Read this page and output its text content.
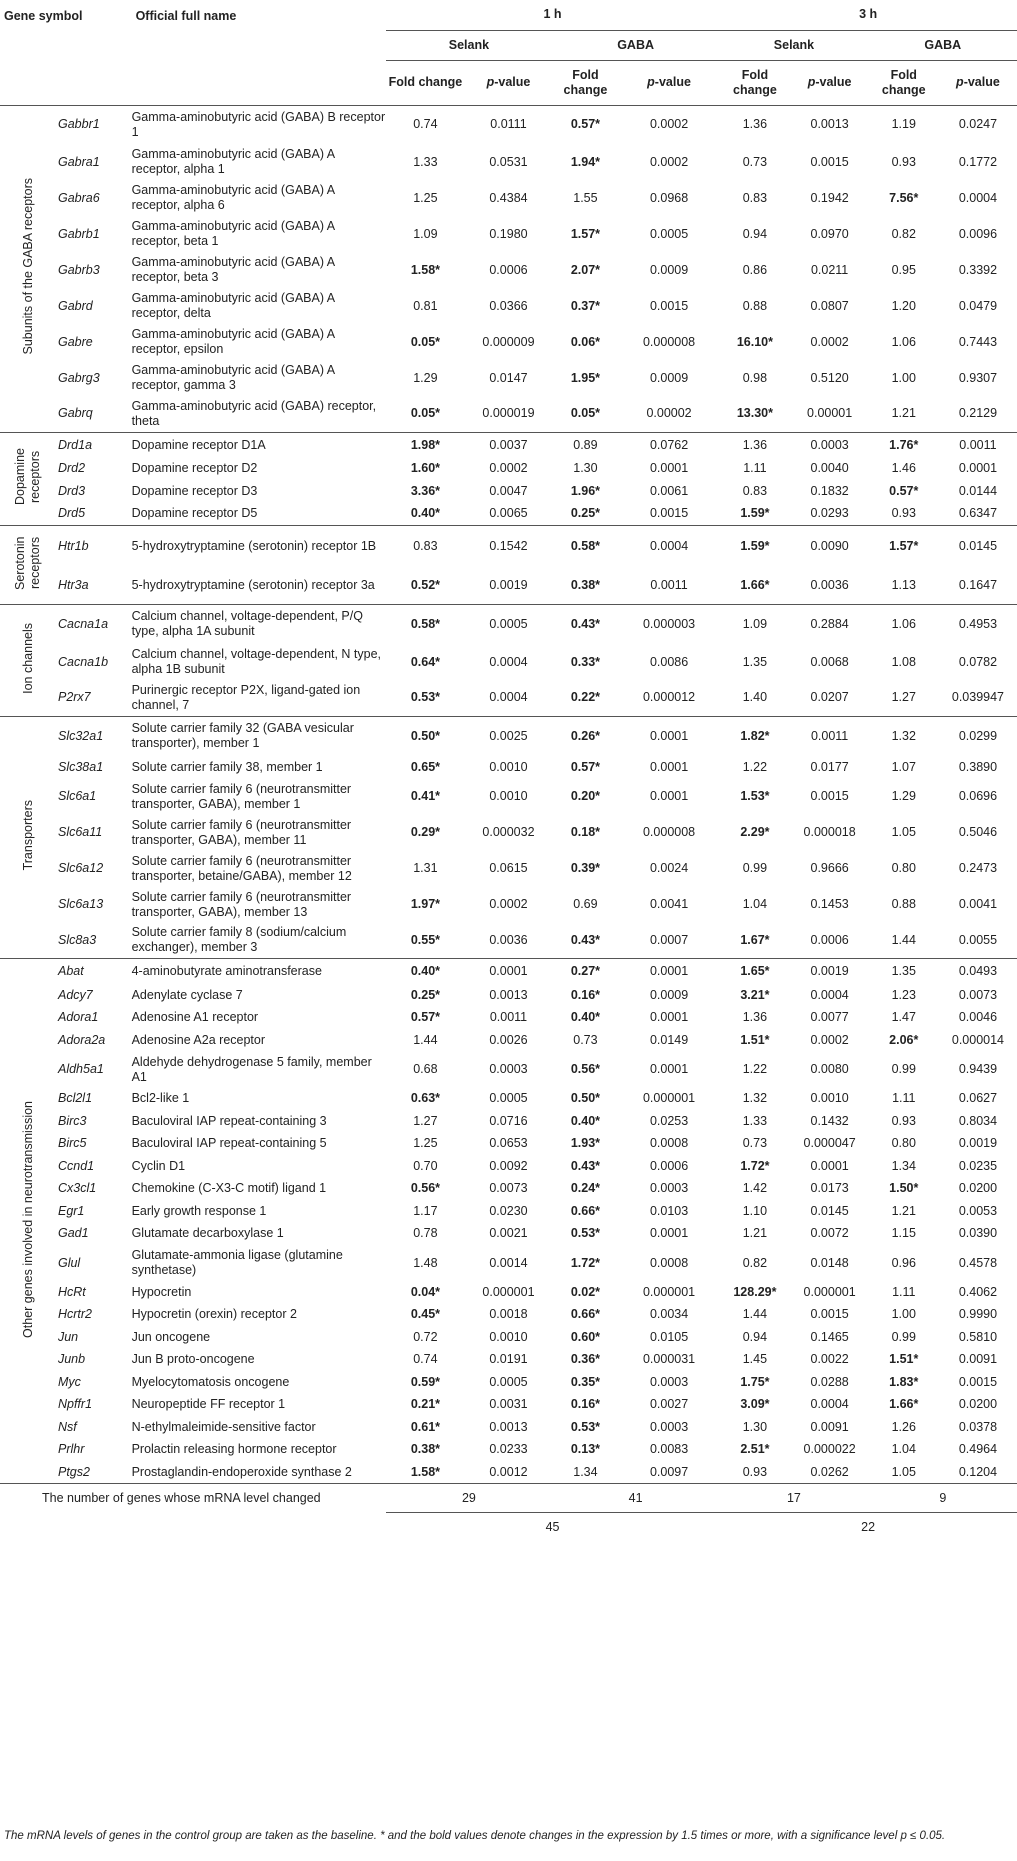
Gene symbol		Official full name	1 h				3 h			
			Selank		GABA		Selank		GABA	
			Fold change	p-value	Fold change	p-value	Fold change	p-value	Fold change	p-value
Subunits of the GABA receptors	Gabbr1	Gamma-aminobutyric acid (GABA) B receptor 1	0.74	0.0111	0.57*	0.0002	1.36	0.0013	1.19	0.0247
	Gabra1	Gamma-aminobutyric acid (GABA) A receptor, alpha 1	1.33	0.0531	1.94*	0.0002	0.73	0.0015	0.93	0.1772
	Gabra6	Gamma-aminobutyric acid (GABA) A receptor, alpha 6	1.25	0.4384	1.55	0.0968	0.83	0.1942	7.56*	0.0004
	Gabrb1	Gamma-aminobutyric acid (GABA) A receptor, beta 1	1.09	0.1980	1.57*	0.0005	0.94	0.0970	0.82	0.0096
	Gabrb3	Gamma-aminobutyric acid (GABA) A receptor, beta 3	1.58*	0.0006	2.07*	0.0009	0.86	0.0211	0.95	0.3392
	Gabrd	Gamma-aminobutyric acid (GABA) A receptor, delta	0.81	0.0366	0.37*	0.0015	0.88	0.0807	1.20	0.0479
	Gabre	Gamma-aminobutyric acid (GABA) A receptor, epsilon	0.05*	0.000009	0.06*	0.000008	16.10*	0.0002	1.06	0.7443
	Gabrg3	Gamma-aminobutyric acid (GABA) A receptor, gamma 3	1.29	0.0147	1.95*	0.0009	0.98	0.5120	1.00	0.9307
	Gabrq	Gamma-aminobutyric acid (GABA) receptor, theta	0.05*	0.000019	0.05*	0.00002	13.30*	0.00001	1.21	0.2129
Dopamine receptors	Drd1a	Dopamine receptor D1A	1.98*	0.0037	0.89	0.0762	1.36	0.0003	1.76*	0.0011
	Drd2	Dopamine receptor D2	1.60*	0.0002	1.30	0.0001	1.11	0.0040	1.46	0.0001
	Drd3	Dopamine receptor D3	3.36*	0.0047	1.96*	0.0061	0.83	0.1832	0.57*	0.0144
	Drd5	Dopamine receptor D5	0.40*	0.0065	0.25*	0.0015	1.59*	0.0293	0.93	0.6347
Serotonin receptors	Htr1b	5-hydroxytryptamine (serotonin) receptor 1B	0.83	0.1542	0.58*	0.0004	1.59*	0.0090	1.57*	0.0145
	Htr3a	5-hydroxytryptamine (serotonin) receptor 3a	0.52*	0.0019	0.38*	0.0011	1.66*	0.0036	1.13	0.1647
Ion channels	Cacna1a	Calcium channel, voltage-dependent, P/Q type, alpha 1A subunit	0.58*	0.0005	0.43*	0.000003	1.09	0.2884	1.06	0.4953
	Cacna1b	Calcium channel, voltage-dependent, N type, alpha 1B subunit	0.64*	0.0004	0.33*	0.0086	1.35	0.0068	1.08	0.0782
	P2rx7	Purinergic receptor P2X, ligand-gated ion channel, 7	0.53*	0.0004	0.22*	0.000012	1.40	0.0207	1.27	0.039947
Transporters	Slc32a1	Solute carrier family 32 (GABA vesicular transporter), member 1	0.50*	0.0025	0.26*	0.0001	1.82*	0.0011	1.32	0.0299
	Slc38a1	Solute carrier family 38, member 1	0.65*	0.0010	0.57*	0.0001	1.22	0.0177	1.07	0.3890
	Slc6a1	Solute carrier family 6 (neurotransmitter transporter, GABA), member 1	0.41*	0.0010	0.20*	0.0001	1.53*	0.0015	1.29	0.0696
	Slc6a11	Solute carrier family 6 (neurotransmitter transporter, GABA), member 11	0.29*	0.000032	0.18*	0.000008	2.29*	0.000018	1.05	0.5046
	Slc6a12	Solute carrier family 6 (neurotransmitter transporter, betaine/GABA), member 12	1.31	0.0615	0.39*	0.0024	0.99	0.9666	0.80	0.2473
	Slc6a13	Solute carrier family 6 (neurotransmitter transporter, GABA), member 13	1.97*	0.0002	0.69	0.0041	1.04	0.1453	0.88	0.0041
	Slc8a3	Solute carrier family 8 (sodium/calcium exchanger), member 3	0.55*	0.0036	0.43*	0.0007	1.67*	0.0006	1.44	0.0055
Other genes involved in neurotransmission	Abat	4-aminobutyrate aminotransferase	0.40*	0.0001	0.27*	0.0001	1.65*	0.0019	1.35	0.0493
	Adcy7	Adenylate cyclase 7	0.25*	0.0013	0.16*	0.0009	3.21*	0.0004	1.23	0.0073
	Adora1	Adenosine A1 receptor	0.57*	0.0011	0.40*	0.0001	1.36	0.0077	1.47	0.0046
	Adora2a	Adenosine A2a receptor	1.44	0.0026	0.73	0.0149	1.51*	0.0002	2.06*	0.000014
	Aldh5a1	Aldehyde dehydrogenase 5 family, member A1	0.68	0.0003	0.56*	0.0001	1.22	0.0080	0.99	0.9439
	Bcl2l1	Bcl2-like 1	0.63*	0.0005	0.50*	0.000001	1.32	0.0010	1.11	0.0627
	Birc3	Baculoviral IAP repeat-containing 3	1.27	0.0716	0.40*	0.0253	1.33	0.1432	0.93	0.8034
	Birc5	Baculoviral IAP repeat-containing 5	1.25	0.0653	1.93*	0.0008	0.73	0.000047	0.80	0.0019
	Ccnd1	Cyclin D1	0.70	0.0092	0.43*	0.0006	1.72*	0.0001	1.34	0.0235
	Cx3cl1	Chemokine (C-X3-C motif) ligand 1	0.56*	0.0073	0.24*	0.0003	1.42	0.0173	1.50*	0.0200
	Egr1	Early growth response 1	1.17	0.0230	0.66*	0.0103	1.10	0.0145	1.21	0.0053
	Gad1	Glutamate decarboxylase 1	0.78	0.0021	0.53*	0.0001	1.21	0.0072	1.15	0.0390
	Glul	Glutamate-ammonia ligase (glutamine synthetase)	1.48	0.0014	1.72*	0.0008	0.82	0.0148	0.96	0.4578
	HcRt	Hypocretin	0.04*	0.000001	0.02*	0.000001	128.29*	0.000001	1.11	0.4062
	Hcrtr2	Hypocretin (orexin) receptor 2	0.45*	0.0018	0.66*	0.0034	1.44	0.0015	1.00	0.9990
	Jun	Jun oncogene	0.72	0.0010	0.60*	0.0105	0.94	0.1465	0.99	0.5810
	Junb	Jun B proto-oncogene	0.74	0.0191	0.36*	0.000031	1.45	0.0022	1.51*	0.0091
	Myc	Myelocytomatosis oncogene	0.59*	0.0005	0.35*	0.0003	1.75*	0.0288	1.83*	0.0015
	Npffr1	Neuropeptide FF receptor 1	0.21*	0.0031	0.16*	0.0027	3.09*	0.0004	1.66*	0.0200
	Nsf	N-ethylmaleimide-sensitive factor	0.61*	0.0013	0.53*	0.0003	1.30	0.0091	1.26	0.0378
	Prlhr	Prolactin releasing hormone receptor	0.38*	0.0233	0.13*	0.0083	2.51*	0.000022	1.04	0.4964
	Ptgs2	Prostaglandin-endoperoxide synthase 2	1.58*	0.0012	1.34	0.0097	0.93	0.0262	1.05	0.1204
The number of genes whose mRNA level changed			29		41		17		9	
			45				22			
The mRNA levels of genes in the control group are taken as the baseline. * and the bold values denote changes in the expression by 1.5 times or more, with a significance level p ≤ 0.05.
